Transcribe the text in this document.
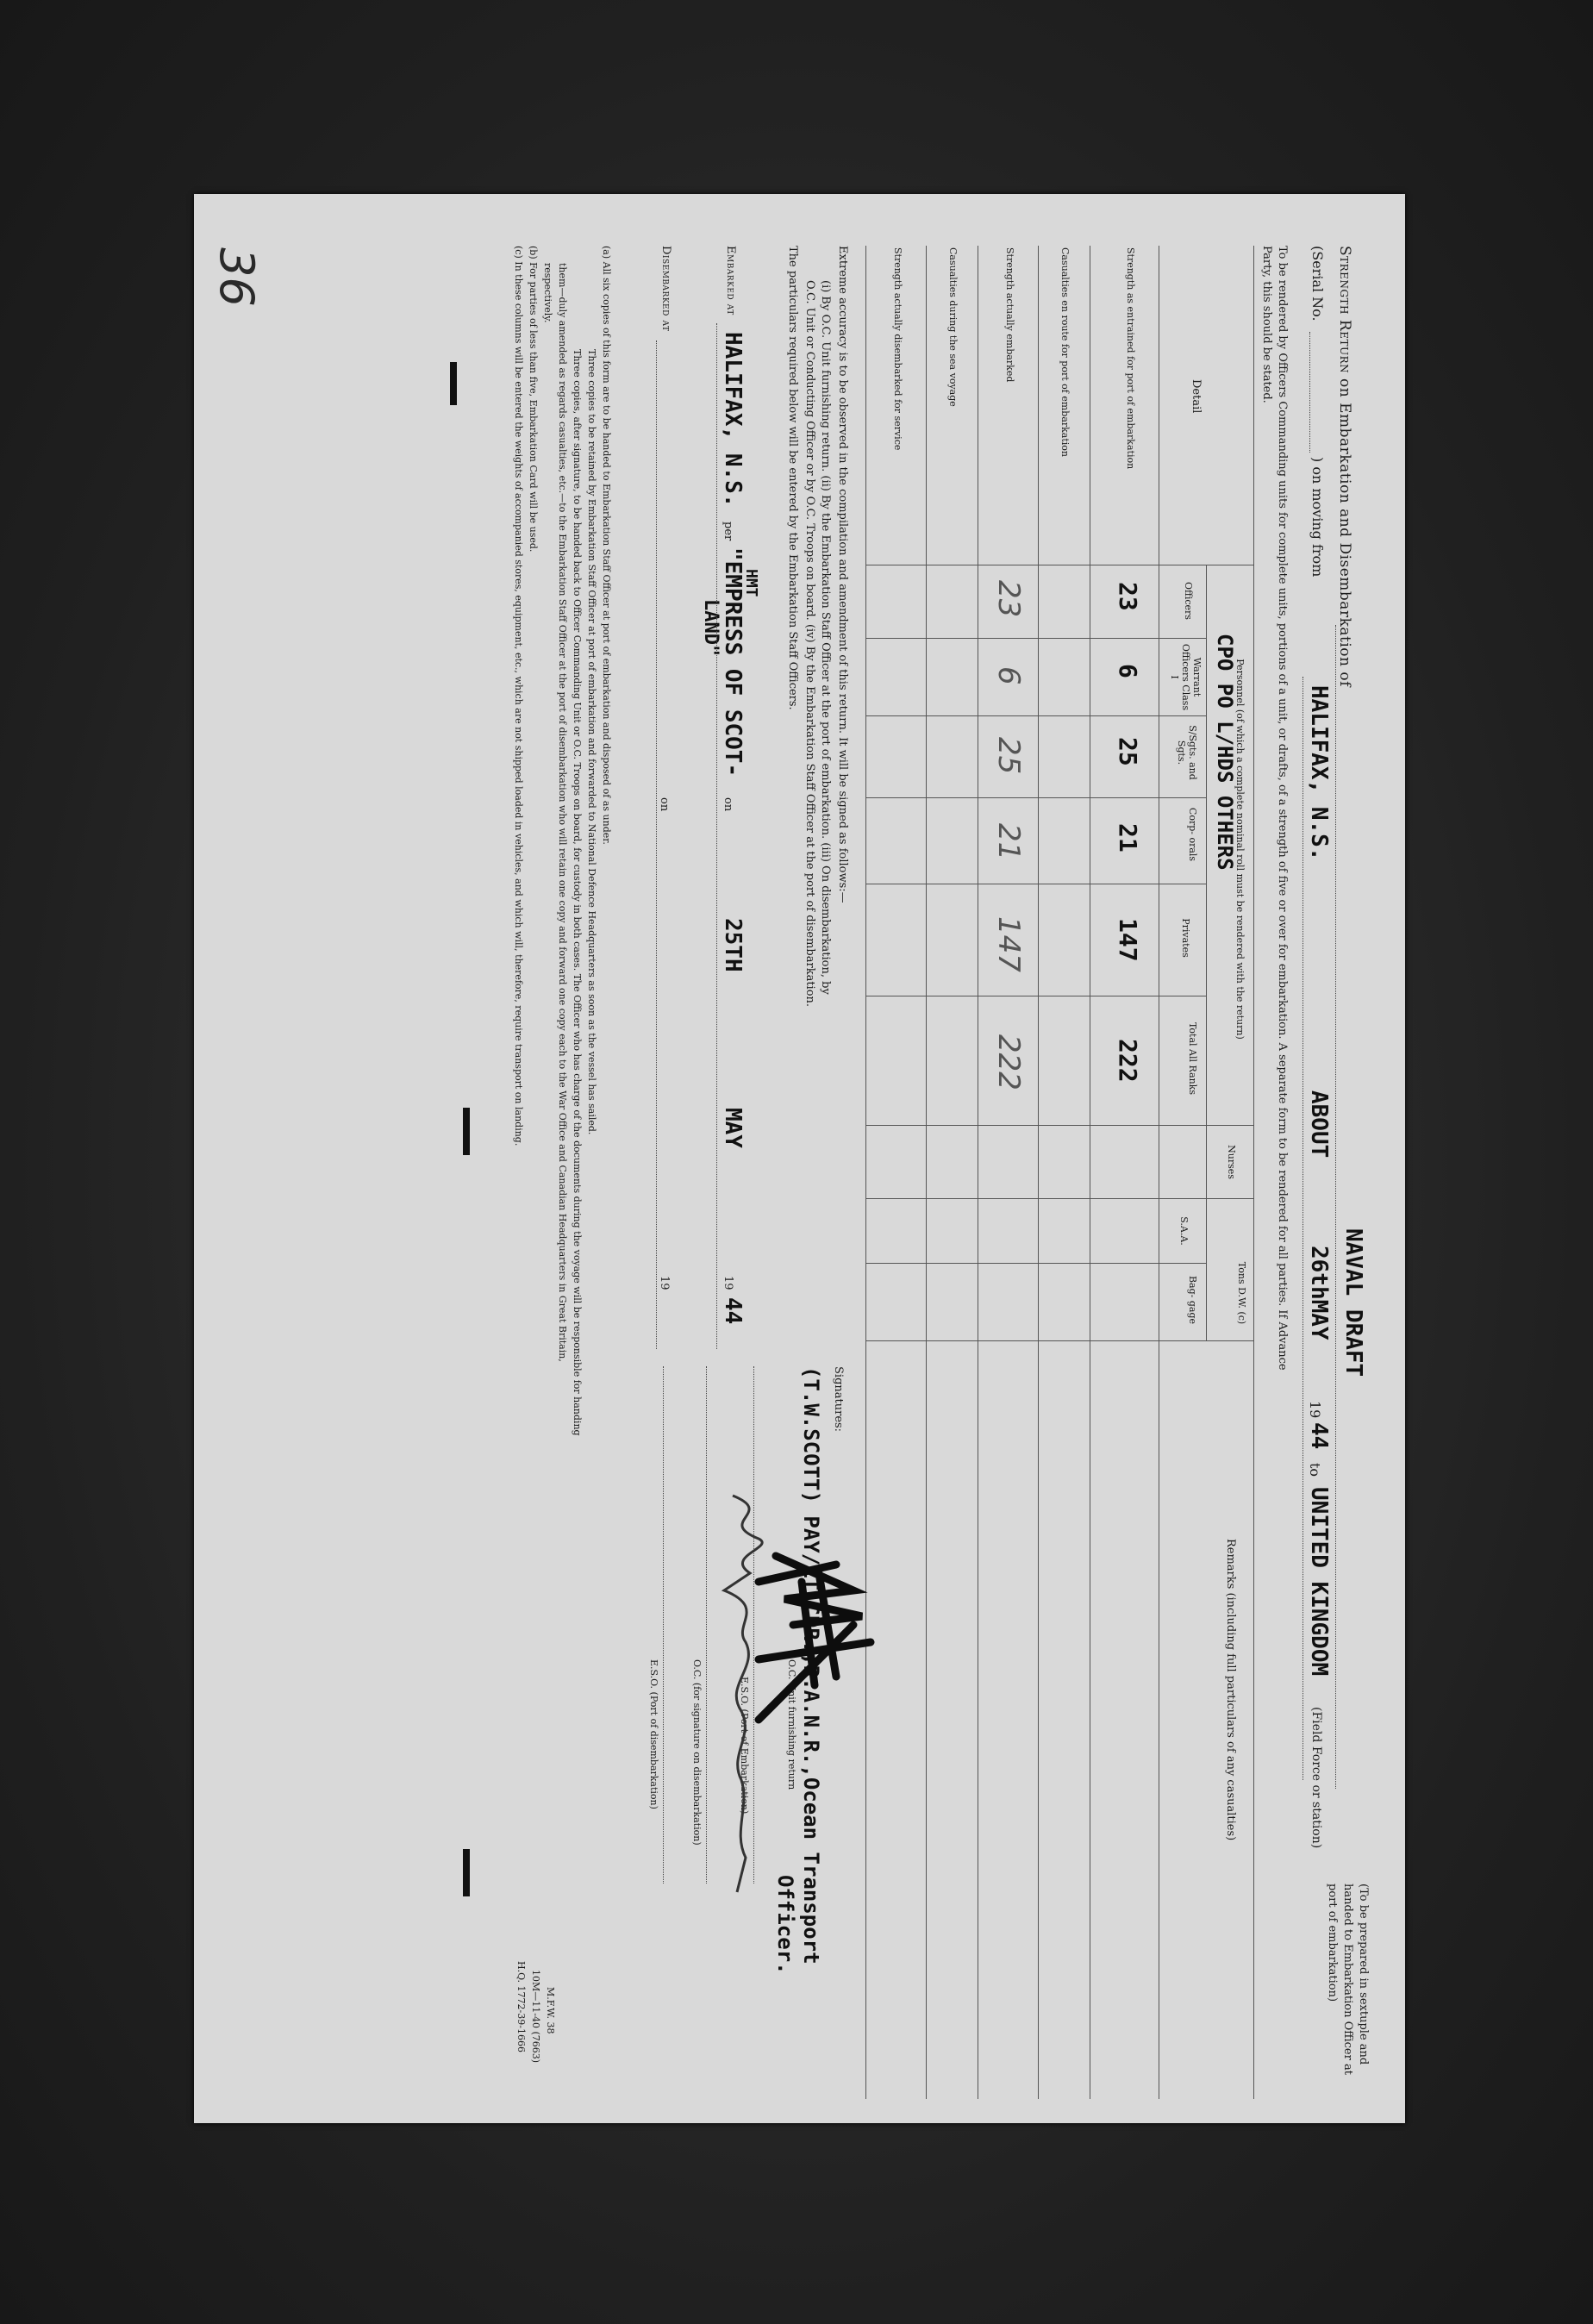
Strength Return on Embarkation and Disembarkation of
NAVAL DRAFT
(Serial No.
) on moving from
HALIFAX, N.S.
ABOUT
26thMAY
19
44
to
UNITED KINGDOM
(Field Force or station)
(To be prepared in sextuple and handed to Embarkation Officer at port of embarkation)
To be rendered by Officers Commanding units for complete units, portions of a unit, or drafts, of a strength of five or over for embarkation. A separate form to be rendered for all parties. If Advance
Party, this should be stated.
Detail
Personnel (of which a complete nominal roll must be rendered with the return)
CPO PO L/HDS OTHERS
Tons D.W. (c)
Remarks (including full particulars of any casualties)
Officers
Warrant Officers Class I
S/Sgts. and Sgts.
Corp- orals
Privates
Total All Ranks
Nurses
S.A.A.
Bag- gage
Strength as entrained for port of embarkation
Casualties en route for port of embarkation
Strength actually embarked
Casualties during the sea voyage
Strength actually disembarked for service
23
6
25
21
147
222
23
6
25
21
147
222
Extreme accuracy is to be observed in the compilation and amendment of this return. It will be signed as follows:—
(i) By O.C. Unit furnishing return. (ii) By the Embarkation Staff Officer at the port of embarkation. (iii) On disembarkation, by
O.C. Unit or Conducting Officer or by O.C. Troops on board. (iv) By the Embarkation Staff Officer at the port of disembarkation.
The particulars required below will be entered by the Embarkation Staff Officers.
Signatures:
(T.W.SCOTT) PAY/LT.CDR.,R.A.N.R.,Ocean Transport
Officer.
O.C. Unit furnishing return
E.S.O. (Port of Embarkation)
O.C. (for signature on disembarkation)
E.S.O. (Port of disembarkation)
Embarked at
HALIFAX, N.S.
HMT
per
"EMPRESS OF SCOT-
LAND"
on
25TH
MAY
19
44
Disembarked at
on
19
(a) All six copies of this form are to be handed to Embarkation Staff Officer at port of embarkation and disposed of as under.
Three copies to be retained by Embarkation Staff Officer at port of embarkation and forwarded to National Defence Headquarters as soon as the vessel has sailed.
Three copies, after signature, to be handed back to Officer Commanding Unit or O.C. Troops on board, for custody in both cases. The Officer who has charge of the documents during the voyage will be responsible for handing
them—duly amended as regards casualties, etc.—to the Embarkation Staff Officer at the port of disembarkation who will retain one copy and forward one copy each to the War Office and Canadian Headquarters in Great Britain,
respectively.
(b) For parties of less than five, Embarkation Card will be used.
(c) In these columns will be entered the weights of accompanied stores, equipment, etc., which are not shipped loaded in vehicles, and which will, therefore, require transport on landing.
M.F.W. 38
10M—11-40 (7663)
H.Q. 1772-39-1666
36
